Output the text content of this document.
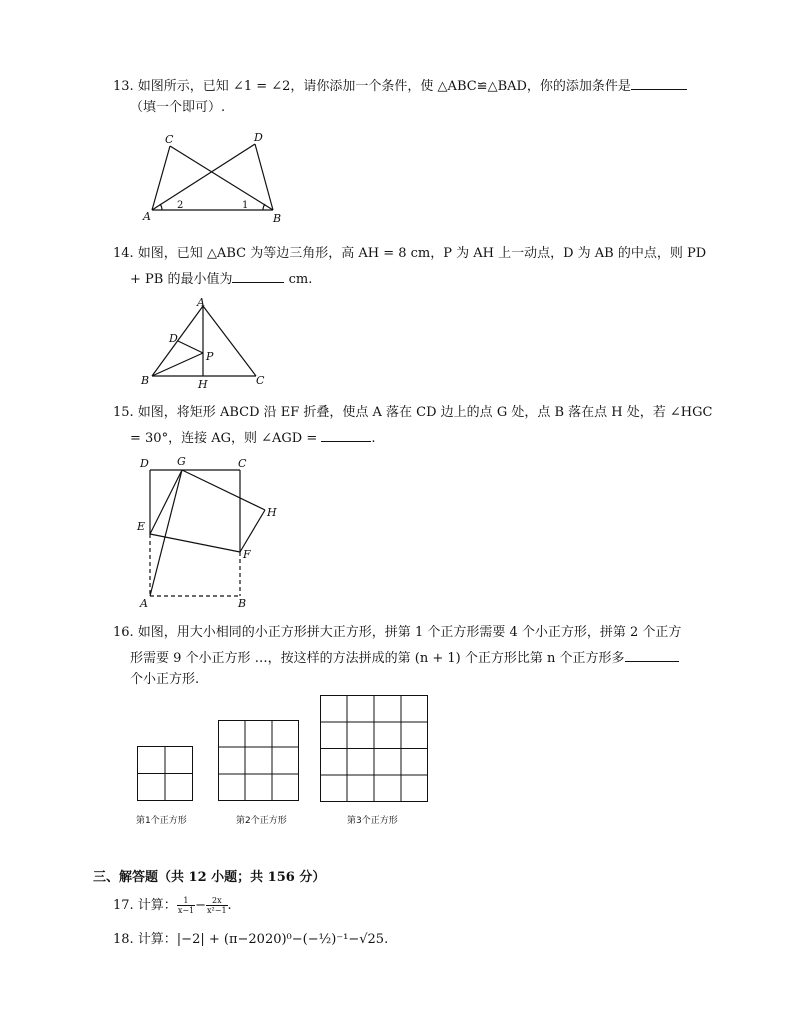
13. 如图所示，已知 ∠1 = ∠2，请你添加一个条件，使 △ABC≌△BAD，你的添加条件是
（填一个即可）.
C	D
A	B
2	1
14. 如图，已知 △ABC 为等边三角形，高 AH = 8 cm，P 为 AH 上一动点，D 为 AB 的中点，则 PD
+ PB 的最小值为	cm.
A
D
P
B	H	C
15. 如图，将矩形 ABCD 沿 EF 折叠，使点 A 落在 CD 边上的点 G 处，点 B 落在点 H 处，若 ∠HGC
= 30°，连接 AG，则 ∠AGD =	.
D	G	C
H
E
F
A	B
16. 如图，用大小相同的小正方形拼大正方形，拼第 1 个正方形需要 4 个小正方形，拼第 2 个正方
形需要 9 个小正方形 …，按这样的方法拼成的第 (n + 1) 个正方形比第 n 个正方形多
个小正方形.
第1个正方形	第2个正方形	第3个正方形
三、解答题（共 12 小题；共 156 分）
17. 计算： $\frac{1}{x-1} - \frac{2x}{\text{x²−1}}$ .
18. 计算：|−2| + (π−2020)⁰−(−½)⁻¹−√25.
